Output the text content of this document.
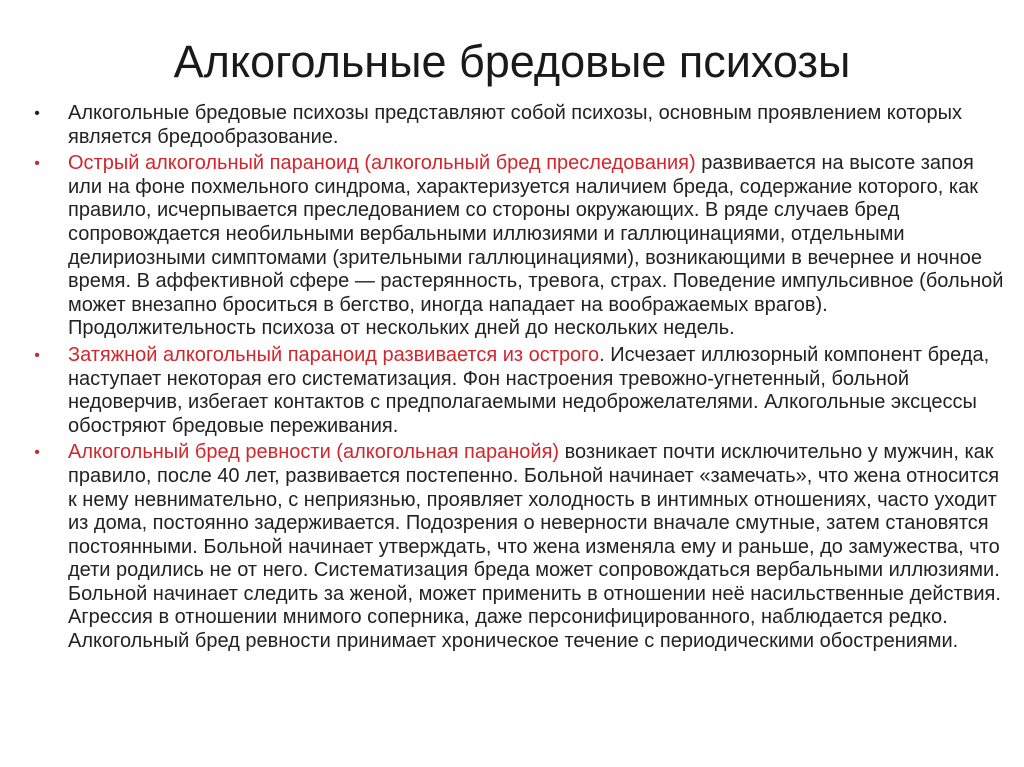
Алкогольные бредовые психозы
• Алкогольные бредовые психозы представляют собой психозы, основным проявлением которых является бредообразование.
• Острый алкогольный параноид (алкогольный бред преследования) развивается на высоте запоя или на фоне похмельного синдрома, характеризуется наличием бреда, содержание которого, как правило, исчерпывается преследованием со стороны окружающих. В ряде случаев бред сопровождается необильными вербальными иллюзиями и галлюцинациями, отдельными делириозными симптомами (зрительными галлюцинациями), возникающими в вечернее и ночное время. В аффективной сфере — растерянность, тревога, страх. Поведение импульсивное (больной может внезапно броситься в бегство, иногда нападает на воображаемых врагов). Продолжительность психоза от нескольких дней до нескольких недель.
• Затяжной алкогольный параноид развивается из острого. Исчезает иллюзорный компонент бреда, наступает некоторая его систематизация. Фон настроения тревожно-угнетенный, больной недоверчив, избегает контактов с предполагаемыми недоброжелателями. Алкогольные эксцессы обостряют бредовые переживания.
• Алкогольный бред ревности (алкогольная паранойя) возникает почти исключительно у мужчин, как правило, после 40 лет, развивается постепенно. Больной начинает «замечать», что жена относится к нему невнимательно, с неприязнью, проявляет холодность в интимных отношениях, часто уходит из дома, постоянно задерживается. Подозрения о неверности вначале смутные, затем становятся постоянными. Больной начинает утверждать, что жена изменяла ему и раньше, до замужества, что дети родились не от него. Систематизация бреда может сопровождаться вербальными иллюзиями. Больной начинает следить за женой, может применить в отношении неё насильственные действия. Агрессия в отношении мнимого соперника, даже персонифицированного, наблюдается редко. Алкогольный бред ревности принимает хроническое течение с периодическими обострениями.
